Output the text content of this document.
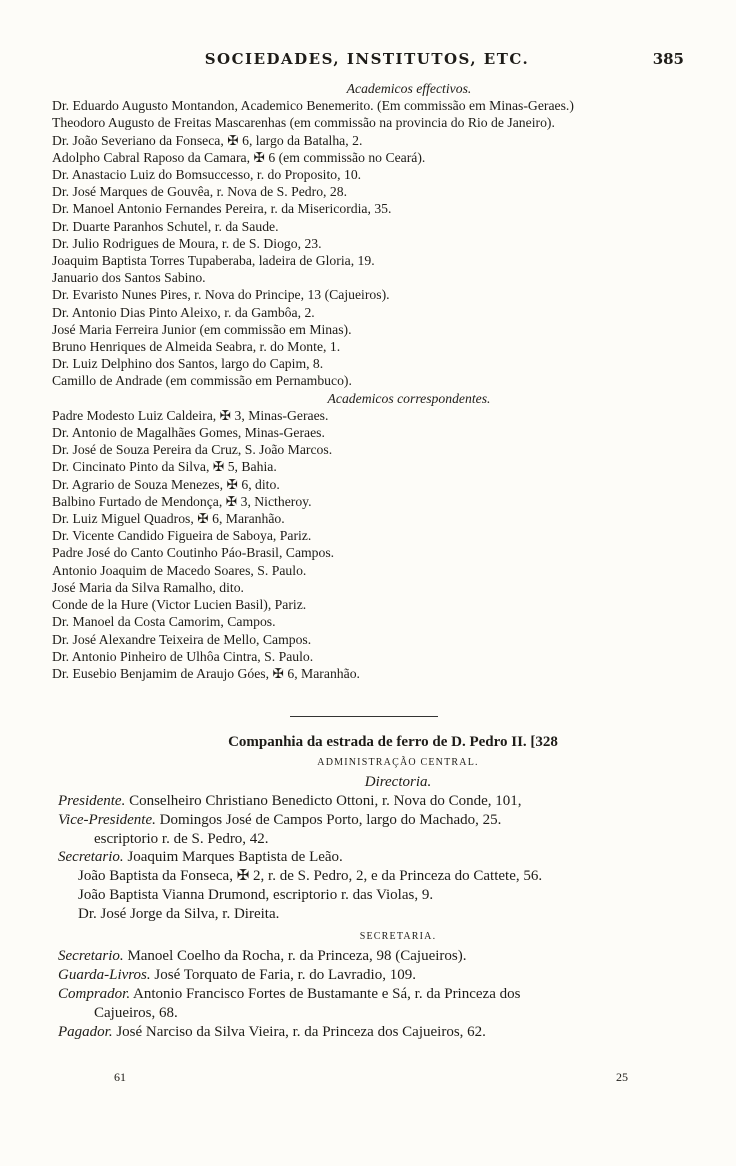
SOCIEDADES, INSTITUTOS, ETC.	385
Academicos effectivos.
Dr. Eduardo Augusto Montandon, Academico Benemerito. (Em commissão em Minas-Geraes.)
Theodoro Augusto de Freitas Mascarenhas (em commissão na provincia do Rio de Janeiro).
Dr. João Severiano da Fonseca, ✠ 6, largo da Batalha, 2.
Adolpho Cabral Raposo da Camara, ✠ 6 (em commissão no Ceará).
Dr. Anastacio Luiz do Bomsuccesso, r. do Proposito, 10.
Dr. José Marques de Gouvêa, r. Nova de S. Pedro, 28.
Dr. Manoel Antonio Fernandes Pereira, r. da Misericordia, 35.
Dr. Duarte Paranhos Schutel, r. da Saude.
Dr. Julio Rodrigues de Moura, r. de S. Diogo, 23.
Joaquim Baptista Torres Tupaberaba, ladeira de Gloria, 19.
Januario dos Santos Sabino.
Dr. Evaristo Nunes Pires, r. Nova do Principe, 13 (Cajueiros).
Dr. Antonio Dias Pinto Aleixo, r. da Gambôa, 2.
José Maria Ferreira Junior (em commissão em Minas).
Bruno Henriques de Almeida Seabra, r. do Monte, 1.
Dr. Luiz Delphino dos Santos, largo do Capim, 8.
Camillo de Andrade (em commissão em Pernambuco).
Academicos correspondentes.
Padre Modesto Luiz Caldeira, ✠ 3, Minas-Geraes.
Dr. Antonio de Magalhães Gomes, Minas-Geraes.
Dr. José de Souza Pereira da Cruz, S. João Marcos.
Dr. Cincinato Pinto da Silva, ✠ 5, Bahia.
Dr. Agrario de Souza Menezes, ✠ 6, dito.
Balbino Furtado de Mendonça, ✠ 3, Nictheroy.
Dr. Luiz Miguel Quadros, ✠ 6, Maranhão.
Dr. Vicente Candido Figueira de Saboya, Pariz.
Padre José do Canto Coutinho Páo-Brasil, Campos.
Antonio Joaquim de Macedo Soares, S. Paulo.
José Maria da Silva Ramalho, dito.
Conde de la Hure (Victor Lucien Basil), Pariz.
Dr. Manoel da Costa Camorim, Campos.
Dr. José Alexandre Teixeira de Mello, Campos.
Dr. Antonio Pinheiro de Ulhôa Cintra, S. Paulo.
Dr. Eusebio Benjamim de Araujo Góes, ✠ 6, Maranhão.
Companhia da estrada de ferro de D. Pedro II. [328
ADMINISTRAÇÃO CENTRAL.
Directoria.
Presidente. Conselheiro Christiano Benedicto Ottoni, r. Nova do Conde, 101,
Vice-Presidente. Domingos José de Campos Porto, largo do Machado, 25.
escriptorio r. de S. Pedro, 42.
Secretario. Joaquim Marques Baptista de Leão.
João Baptista da Fonseca, ✠ 2, r. de S. Pedro, 2, e da Princeza do Cattete, 56.
João Baptista Vianna Drumond, escriptorio r. das Violas, 9.
Dr. José Jorge da Silva, r. Direita.
SECRETARIA.
Secretario. Manoel Coelho da Rocha, r. da Princeza, 98 (Cajueiros).
Guarda-Livros. José Torquato de Faria, r. do Lavradio, 109.
Comprador. Antonio Francisco Fortes de Bustamante e Sá, r. da Princeza dos
Cajueiros, 68.
Pagador. José Narciso da Silva Vieira, r. da Princeza dos Cajueiros, 62.
61	25
